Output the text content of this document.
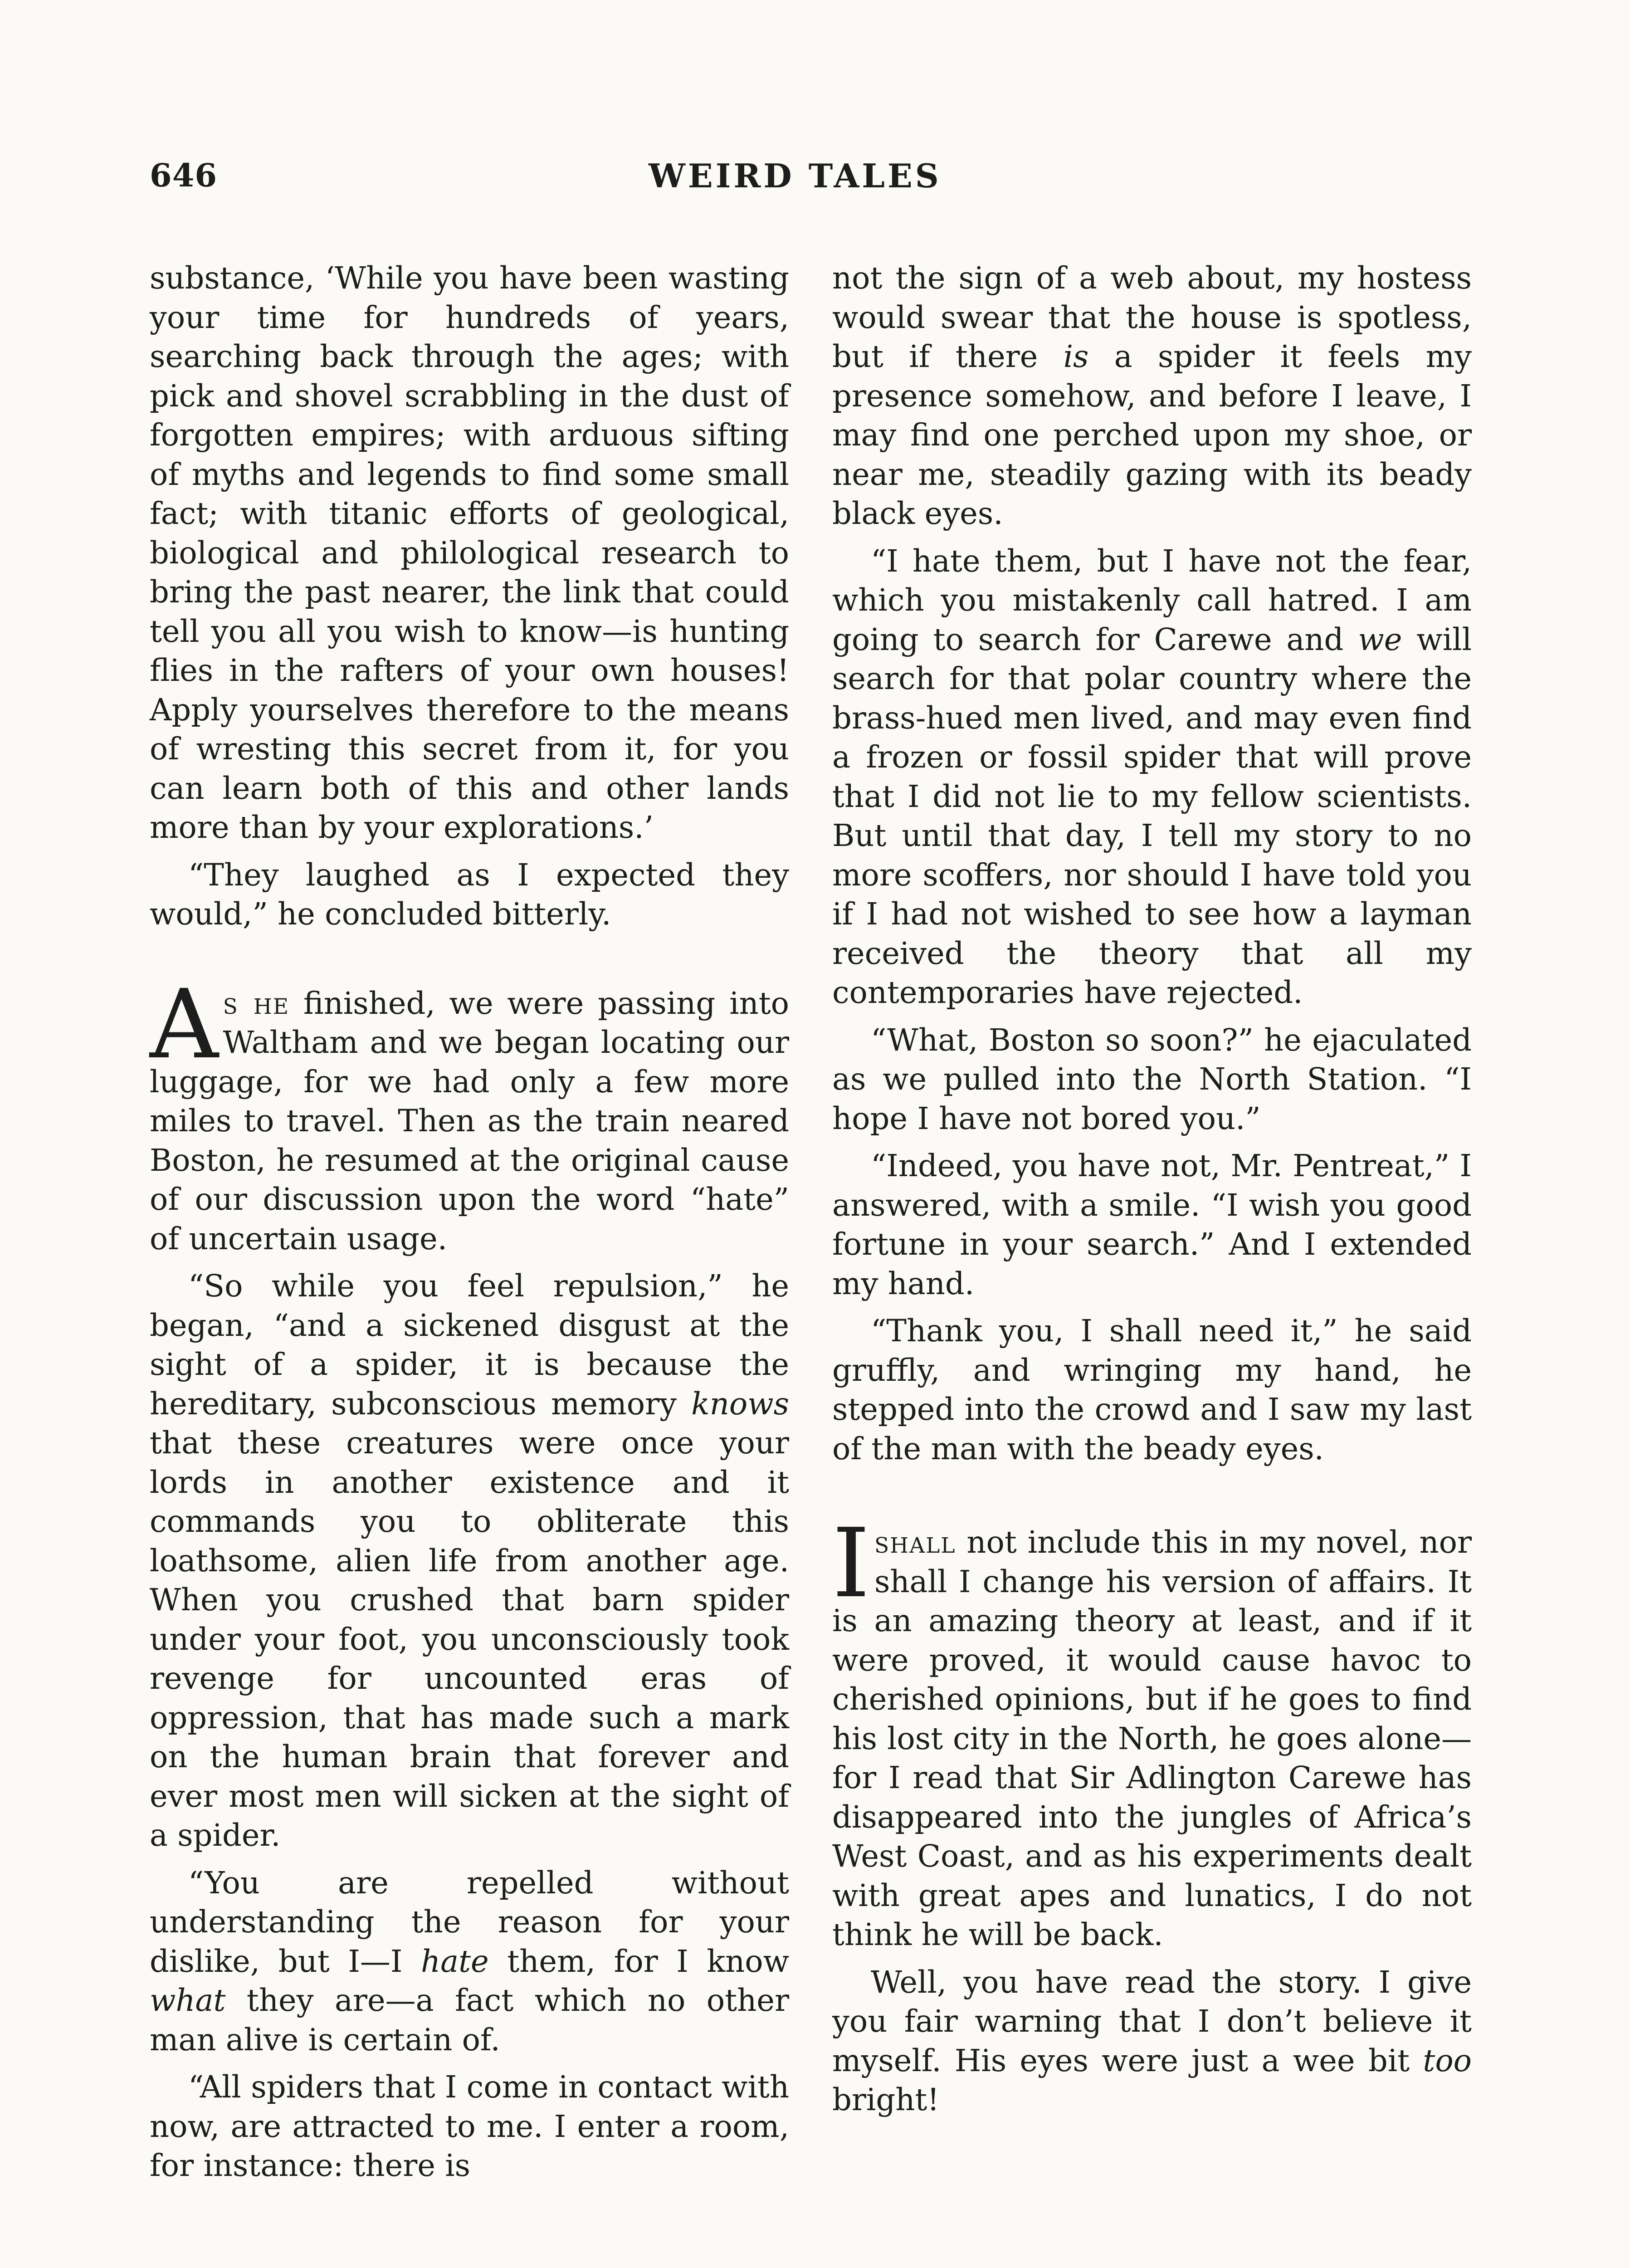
646	WEIRD TALES

substance, ‘While you have been wasting your time for hundreds of years, searching back through the ages; with pick and shovel scrabbling in the dust of forgotten empires; with arduous sifting of myths and legends to find some small fact; with titanic efforts of geological, biological and philological research to bring the past nearer, the link that could tell you all you wish to know—is hunting flies in the rafters of your own houses! Apply yourselves therefore to the means of wresting this secret from it, for you can learn both of this and other lands more than by your explorations.’

“They laughed as I expected they would,” he concluded bitterly.

As he finished, we were passing into Waltham and we began locating our luggage, for we had only a few more miles to travel. Then as the train neared Boston, he resumed at the original cause of our discussion upon the word “hate” of uncertain usage.

“So while you feel repulsion,” he began, “and a sickened disgust at the sight of a spider, it is because the hereditary, subconscious memory knows that these creatures were once your lords in another existence and it commands you to obliterate this loathsome, alien life from another age. When you crushed that barn spider under your foot, you unconsciously took revenge for uncounted eras of oppression, that has made such a mark on the human brain that forever and ever most men will sicken at the sight of a spider.

“You are repelled without understanding the reason for your dislike, but I—I hate them, for I know what they are—a fact which no other man alive is certain of.

“All spiders that I come in contact with now, are attracted to me. I enter a room, for instance: there is

not the sign of a web about, my hostess would swear that the house is spotless, but if there is a spider it feels my presence somehow, and before I leave, I may find one perched upon my shoe, or near me, steadily gazing with its beady black eyes.

“I hate them, but I have not the fear, which you mistakenly call hatred. I am going to search for Carewe and we will search for that polar country where the brass-hued men lived, and may even find a frozen or fossil spider that will prove that I did not lie to my fellow scientists. But until that day, I tell my story to no more scoffers, nor should I have told you if I had not wished to see how a layman received the theory that all my contemporaries have rejected.

“What, Boston so soon?” he ejaculated as we pulled into the North Station. “I hope I have not bored you.”

“Indeed, you have not, Mr. Pentreat,” I answered, with a smile. “I wish you good fortune in your search.” And I extended my hand.

“Thank you, I shall need it,” he said gruffly, and wringing my hand, he stepped into the crowd and I saw my last of the man with the beady eyes.

I shall not include this in my novel, nor shall I change his version of affairs. It is an amazing theory at least, and if it were proved, it would cause havoc to cherished opinions, but if he goes to find his lost city in the North, he goes alone—for I read that Sir Adlington Carewe has disappeared into the jungles of Africa’s West Coast, and as his experiments dealt with great apes and lunatics, I do not think he will be back.

Well, you have read the story. I give you fair warning that I don’t believe it myself. His eyes were just a wee bit too bright!
